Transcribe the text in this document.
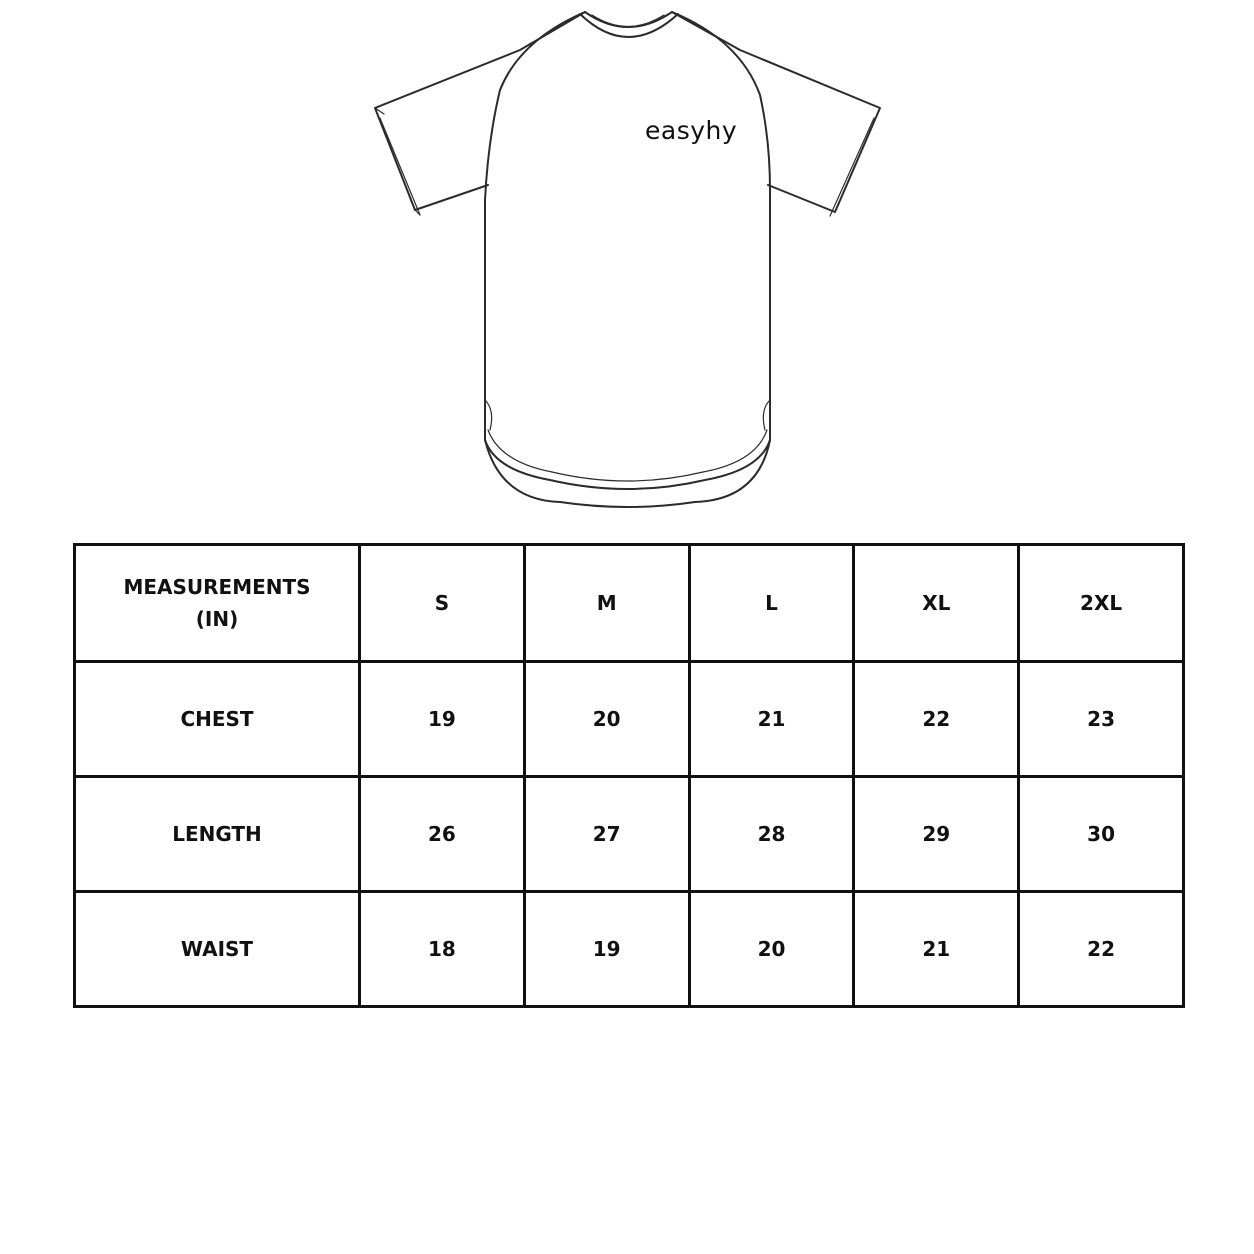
easyhy
MEASUREMENTS
(IN)	S	M	L	XL	2XL
CHEST	19	20	21	22	23
LENGTH	26	27	28	29	30
WAIST	18	19	20	21	22
